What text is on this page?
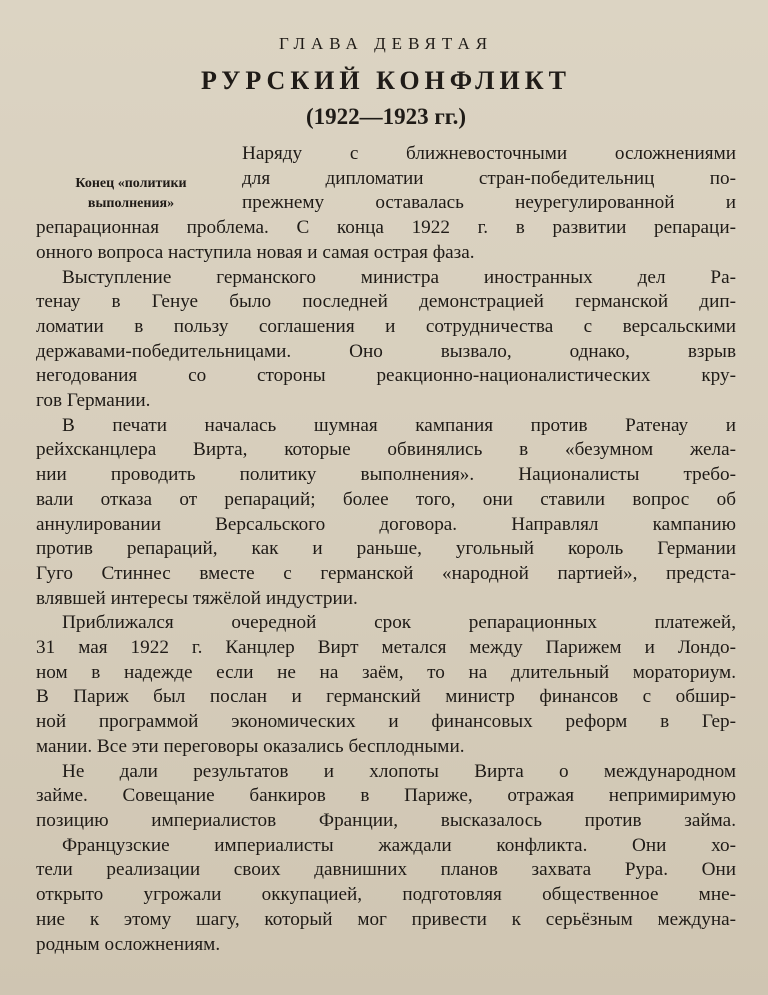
ГЛАВА ДЕВЯТАЯ
РУРСКИЙ КОНФЛИКТ
(1922—1923 гг.)
Конец «политики
выполнения»
Наряду с ближневосточными осложнениями
для дипломатии стран-победительниц по-
прежнему оставалась неурегулированной и
репарационная проблема. С конца 1922 г. в развитии репараци-
онного вопроса наступила новая и самая острая фаза.
Выступление германского министра иностранных дел Ра-
тенау в Генуе было последней демонстрацией германской дип-
ломатии в пользу соглашения и сотрудничества с версальскими
державами-победительницами. Оно вызвало, однако, взрыв
негодования со стороны реакционно-националистических кру-
гов Германии.
В печати началась шумная кампания против Ратенау и
рейхсканцлера Вирта, которые обвинялись в «безумном жела-
нии проводить политику выполнения». Националисты требо-
вали отказа от репараций; более того, они ставили вопрос об
аннулировании Версальского договора. Направлял кампанию
против репараций, как и раньше, угольный король Германии
Гуго Стиннес вместе с германской «народной партией», предста-
влявшей интересы тяжёлой индустрии.
Приближался очередной срок репарационных платежей,
31 мая 1922 г. Канцлер Вирт метался между Парижем и Лондо-
ном в надежде если не на заём, то на длительный мораториум.
В Париж был послан и германский министр финансов с обшир-
ной программой экономических и финансовых реформ в Гер-
мании. Все эти переговоры оказались бесплодными.
Не дали результатов и хлопоты Вирта о международном
займе. Совещание банкиров в Париже, отражая непримиримую
позицию империалистов Франции, высказалось против займа.
Французские империалисты жаждали конфликта. Они хо-
тели реализации своих давнишних планов захвата Рура. Они
открыто угрожали оккупацией, подготовляя общественное мне-
ние к этому шагу, который мог привести к серьёзным междуна-
родным осложнениям.
